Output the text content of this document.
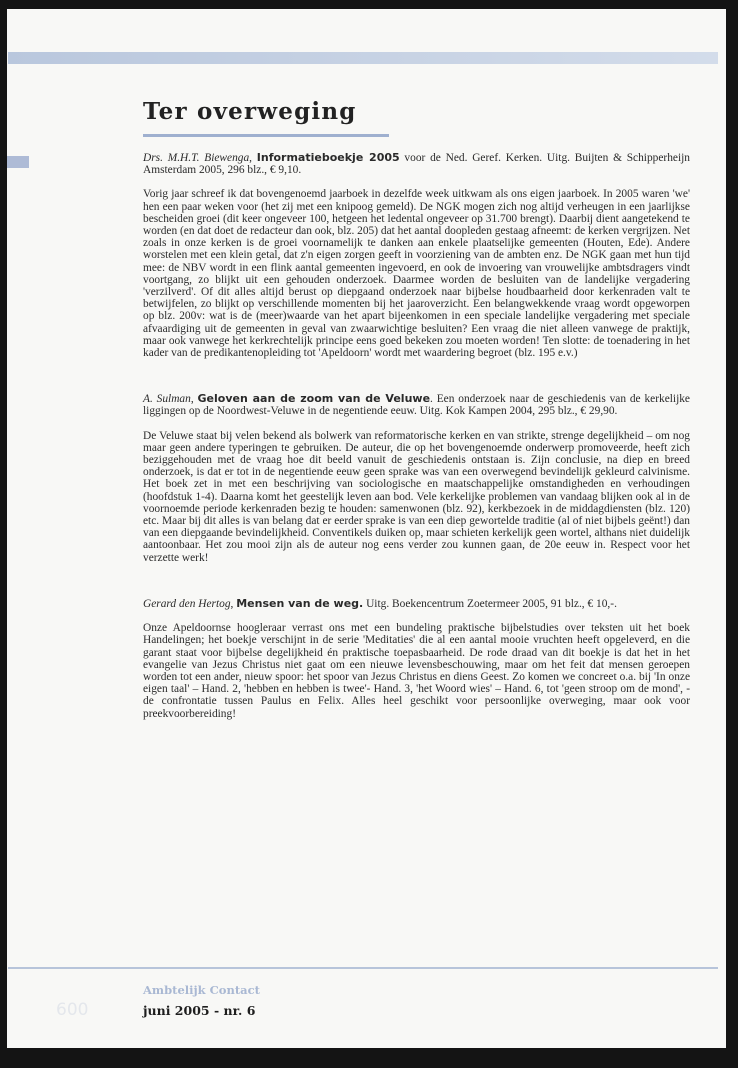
Ter overweging

Drs. M.H.T. Biewenga, Informatieboekje 2005 voor de Ned. Geref. Kerken. Uitg. Buijten & Schipperheijn Amsterdam 2005, 296 blz., € 9,10.

Vorig jaar schreef ik dat bovengenoemd jaarboek in dezelfde week uitkwam als ons eigen jaarboek. In 2005 waren 'we' hen een paar weken voor (het zij met een knipoog gemeld). De NGK mogen zich nog altijd verheugen in een jaarlijkse bescheiden groei (dit keer ongeveer 100, hetgeen het ledental ongeveer op 31.700 brengt). Daarbij dient aangetekend te worden (en dat doet de redacteur dan ook, blz. 205) dat het aantal doopleden gestaag afneemt: de kerken vergrijzen. Net zoals in onze kerken is de groei voornamelijk te danken aan enkele plaatselijke gemeenten (Houten, Ede). Andere worstelen met een klein getal, dat z'n eigen zorgen geeft in voorziening van de ambten enz. De NGK gaan met hun tijd mee: de NBV wordt in een flink aantal gemeenten ingevoerd, en ook de invoering van vrouwelijke ambtsdragers vindt voortgang, zo blijkt uit een gehouden onderzoek. Daarmee worden de besluiten van de landelijke vergadering 'verzilverd'. Of dit alles altijd berust op diepgaand onderzoek naar bijbelse houdbaarheid door kerkenraden valt te betwijfelen, zo blijkt op verschillende momenten bij het jaaroverzicht. Een belangwekkende vraag wordt opgeworpen op blz. 200v: wat is de (meer)waarde van het apart bijeenkomen in een speciale landelijke vergadering met speciale afvaardiging uit de gemeenten in geval van zwaarwichtige besluiten? Een vraag die niet alleen vanwege de praktijk, maar ook vanwege het kerkrechtelijk principe eens goed bekeken zou moeten worden! Ten slotte: de toenadering in het kader van de predikantenopleiding tot 'Apeldoorn' wordt met waardering begroet (blz. 195 e.v.)

A. Sulman, Geloven aan de zoom van de Veluwe. Een onderzoek naar de geschiedenis van de kerkelijke liggingen op de Noordwest-Veluwe in de negentiende eeuw. Uitg. Kok Kampen 2004, 295 blz., € 29,90.

De Veluwe staat bij velen bekend als bolwerk van reformatorische kerken en van strikte, strenge degelijkheid – om nog maar geen andere typeringen te gebruiken. De auteur, die op het bovengenoemde onderwerp promoveerde, heeft zich beziggehouden met de vraag hoe dit beeld vanuit de geschiedenis ontstaan is. Zijn conclusie, na diep en breed onderzoek, is dat er tot in de negentiende eeuw geen sprake was van een overwegend bevindelijk gekleurd calvinisme. Het boek zet in met een beschrijving van sociologische en maatschappelijke omstandigheden en verhoudingen (hoofdstuk 1-4). Daarna komt het geestelijk leven aan bod. Vele kerkelijke problemen van vandaag blijken ook al in de voornoemde periode kerkenraden bezig te houden: samenwonen (blz. 92), kerkbezoek in de middagdiensten (blz. 120) etc. Maar bij dit alles is van belang dat er eerder sprake is van een diep gewortelde traditie (al of niet bijbels geënt!) dan van een diepgaande bevindelijkheid. Conventikels duiken op, maar schieten kerkelijk geen wortel, althans niet duidelijk aantoonbaar. Het zou mooi zijn als de auteur nog eens verder zou kunnen gaan, de 20e eeuw in. Respect voor het verzette werk!

Gerard den Hertog, Mensen van de weg. Uitg. Boekencentrum Zoetermeer 2005, 91 blz., € 10,-.

Onze Apeldoornse hoogleraar verrast ons met een bundeling praktische bijbelstudies over teksten uit het boek Handelingen; het boekje verschijnt in de serie 'Meditaties' die al een aantal mooie vruchten heeft opgeleverd, en die garant staat voor bijbelse degelijkheid én praktische toepasbaarheid. De rode draad van dit boekje is dat het in het evangelie van Jezus Christus niet gaat om een nieuwe levensbeschouwing, maar om het feit dat mensen geroepen worden tot een ander, nieuw spoor: het spoor van Jezus Christus en diens Geest. Zo komen we concreet o.a. bij 'In onze eigen taal' – Hand. 2, 'hebben en hebben is twee'- Hand. 3, 'het Woord wies' – Hand. 6, tot 'geen stroop om de mond', - de confrontatie tussen Paulus en Felix. Alles heel geschikt voor persoonlijke overweging, maar ook voor preekvoorbereiding!

600
Ambtelijk Contact
juni 2005 - nr. 6
